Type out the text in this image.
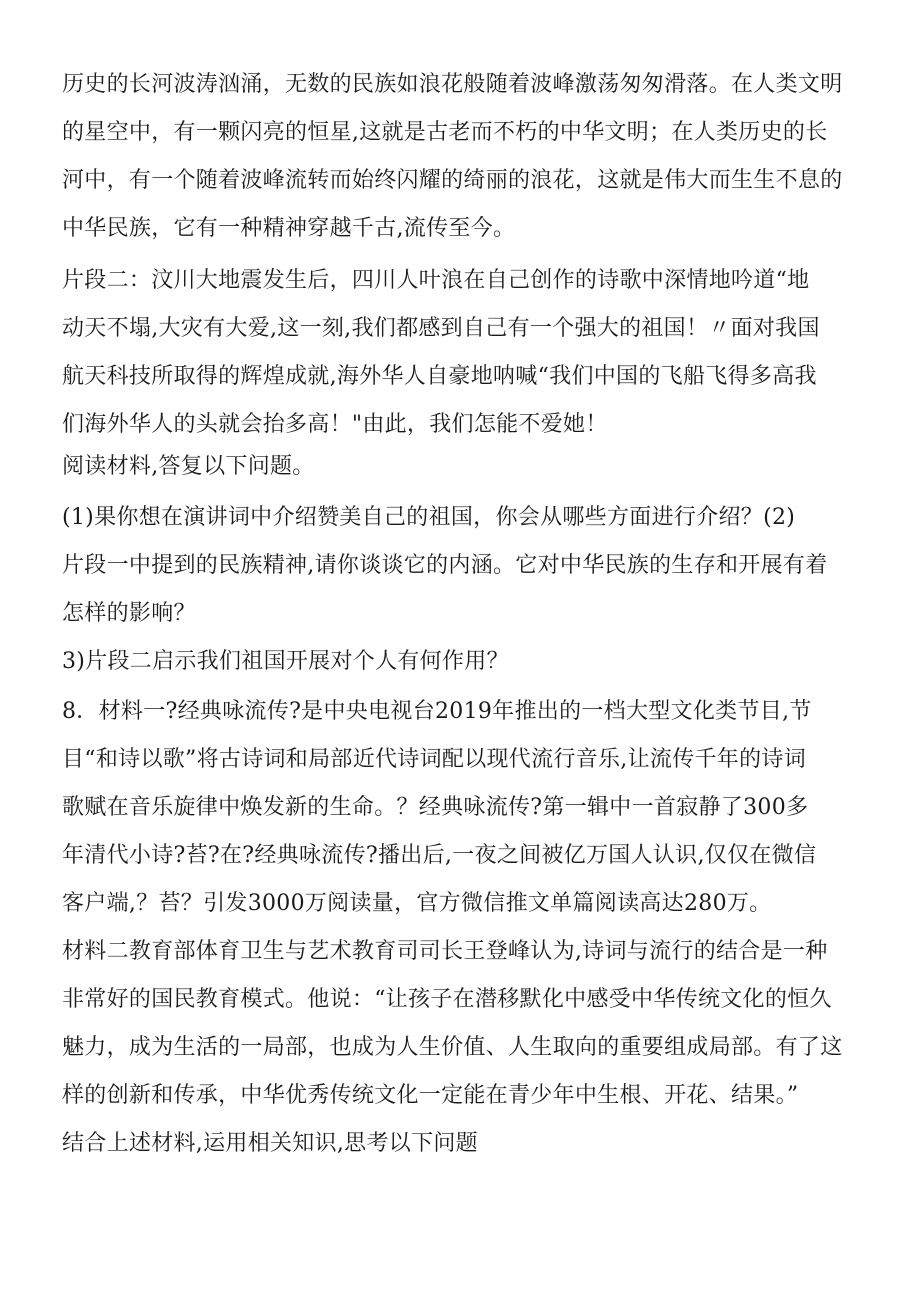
历史的长河波涛汹涌，无数的民族如浪花般随着波峰激荡匆匆滑落。在人类文明
的星空中，有一颗闪亮的恒星,这就是古老而不朽的中华文明；在人类历史的长
河中，有一个随着波峰流转而始终闪耀的绮丽的浪花，这就是伟大而生生不息的
中华民族，它有一种精神穿越千古,流传至今。
片段二：汶川大地震发生后，四川人叶浪在自己创作的诗歌中深情地吟道“地
动天不塌,大灾有大爱,这一刻,我们都感到自己有一个强大的祖国！〃面对我国
航天科技所取得的辉煌成就,海外华人自豪地呐喊“我们中国的飞船飞得多高我
们海外华人的头就会抬多高！"由此，我们怎能不爱她！
阅读材料,答复以下问题。
(1)果你想在演讲词中介绍赞美自己的祖国，你会从哪些方面进行介绍？(2)
片段一中提到的民族精神,请你谈谈它的内涵。它对中华民族的生存和开展有着
怎样的影响？
3)片段二启示我们祖国开展对个人有何作用？
8．材料一?经典咏流传?是中央电视台2019年推出的一档大型文化类节目,节
目“和诗以歌”将古诗词和局部近代诗词配以现代流行音乐,让流传千年的诗词
歌赋在音乐旋律中焕发新的生命。？经典咏流传?第一辑中一首寂静了300多
年清代小诗?苔?在?经典咏流传?播出后,一夜之间被亿万国人认识,仅仅在微信
客户端,？苔？引发3000万阅读量，官方微信推文单篇阅读高达280万。
材料二教育部体育卫生与艺术教育司司长王登峰认为,诗词与流行的结合是一种
非常好的国民教育模式。他说：“让孩子在潜移默化中感受中华传统文化的恒久
魅力，成为生活的一局部，也成为人生价值、人生取向的重要组成局部。有了这
样的创新和传承，中华优秀传统文化一定能在青少年中生根、开花、结果。”
结合上述材料,运用相关知识,思考以下问题
